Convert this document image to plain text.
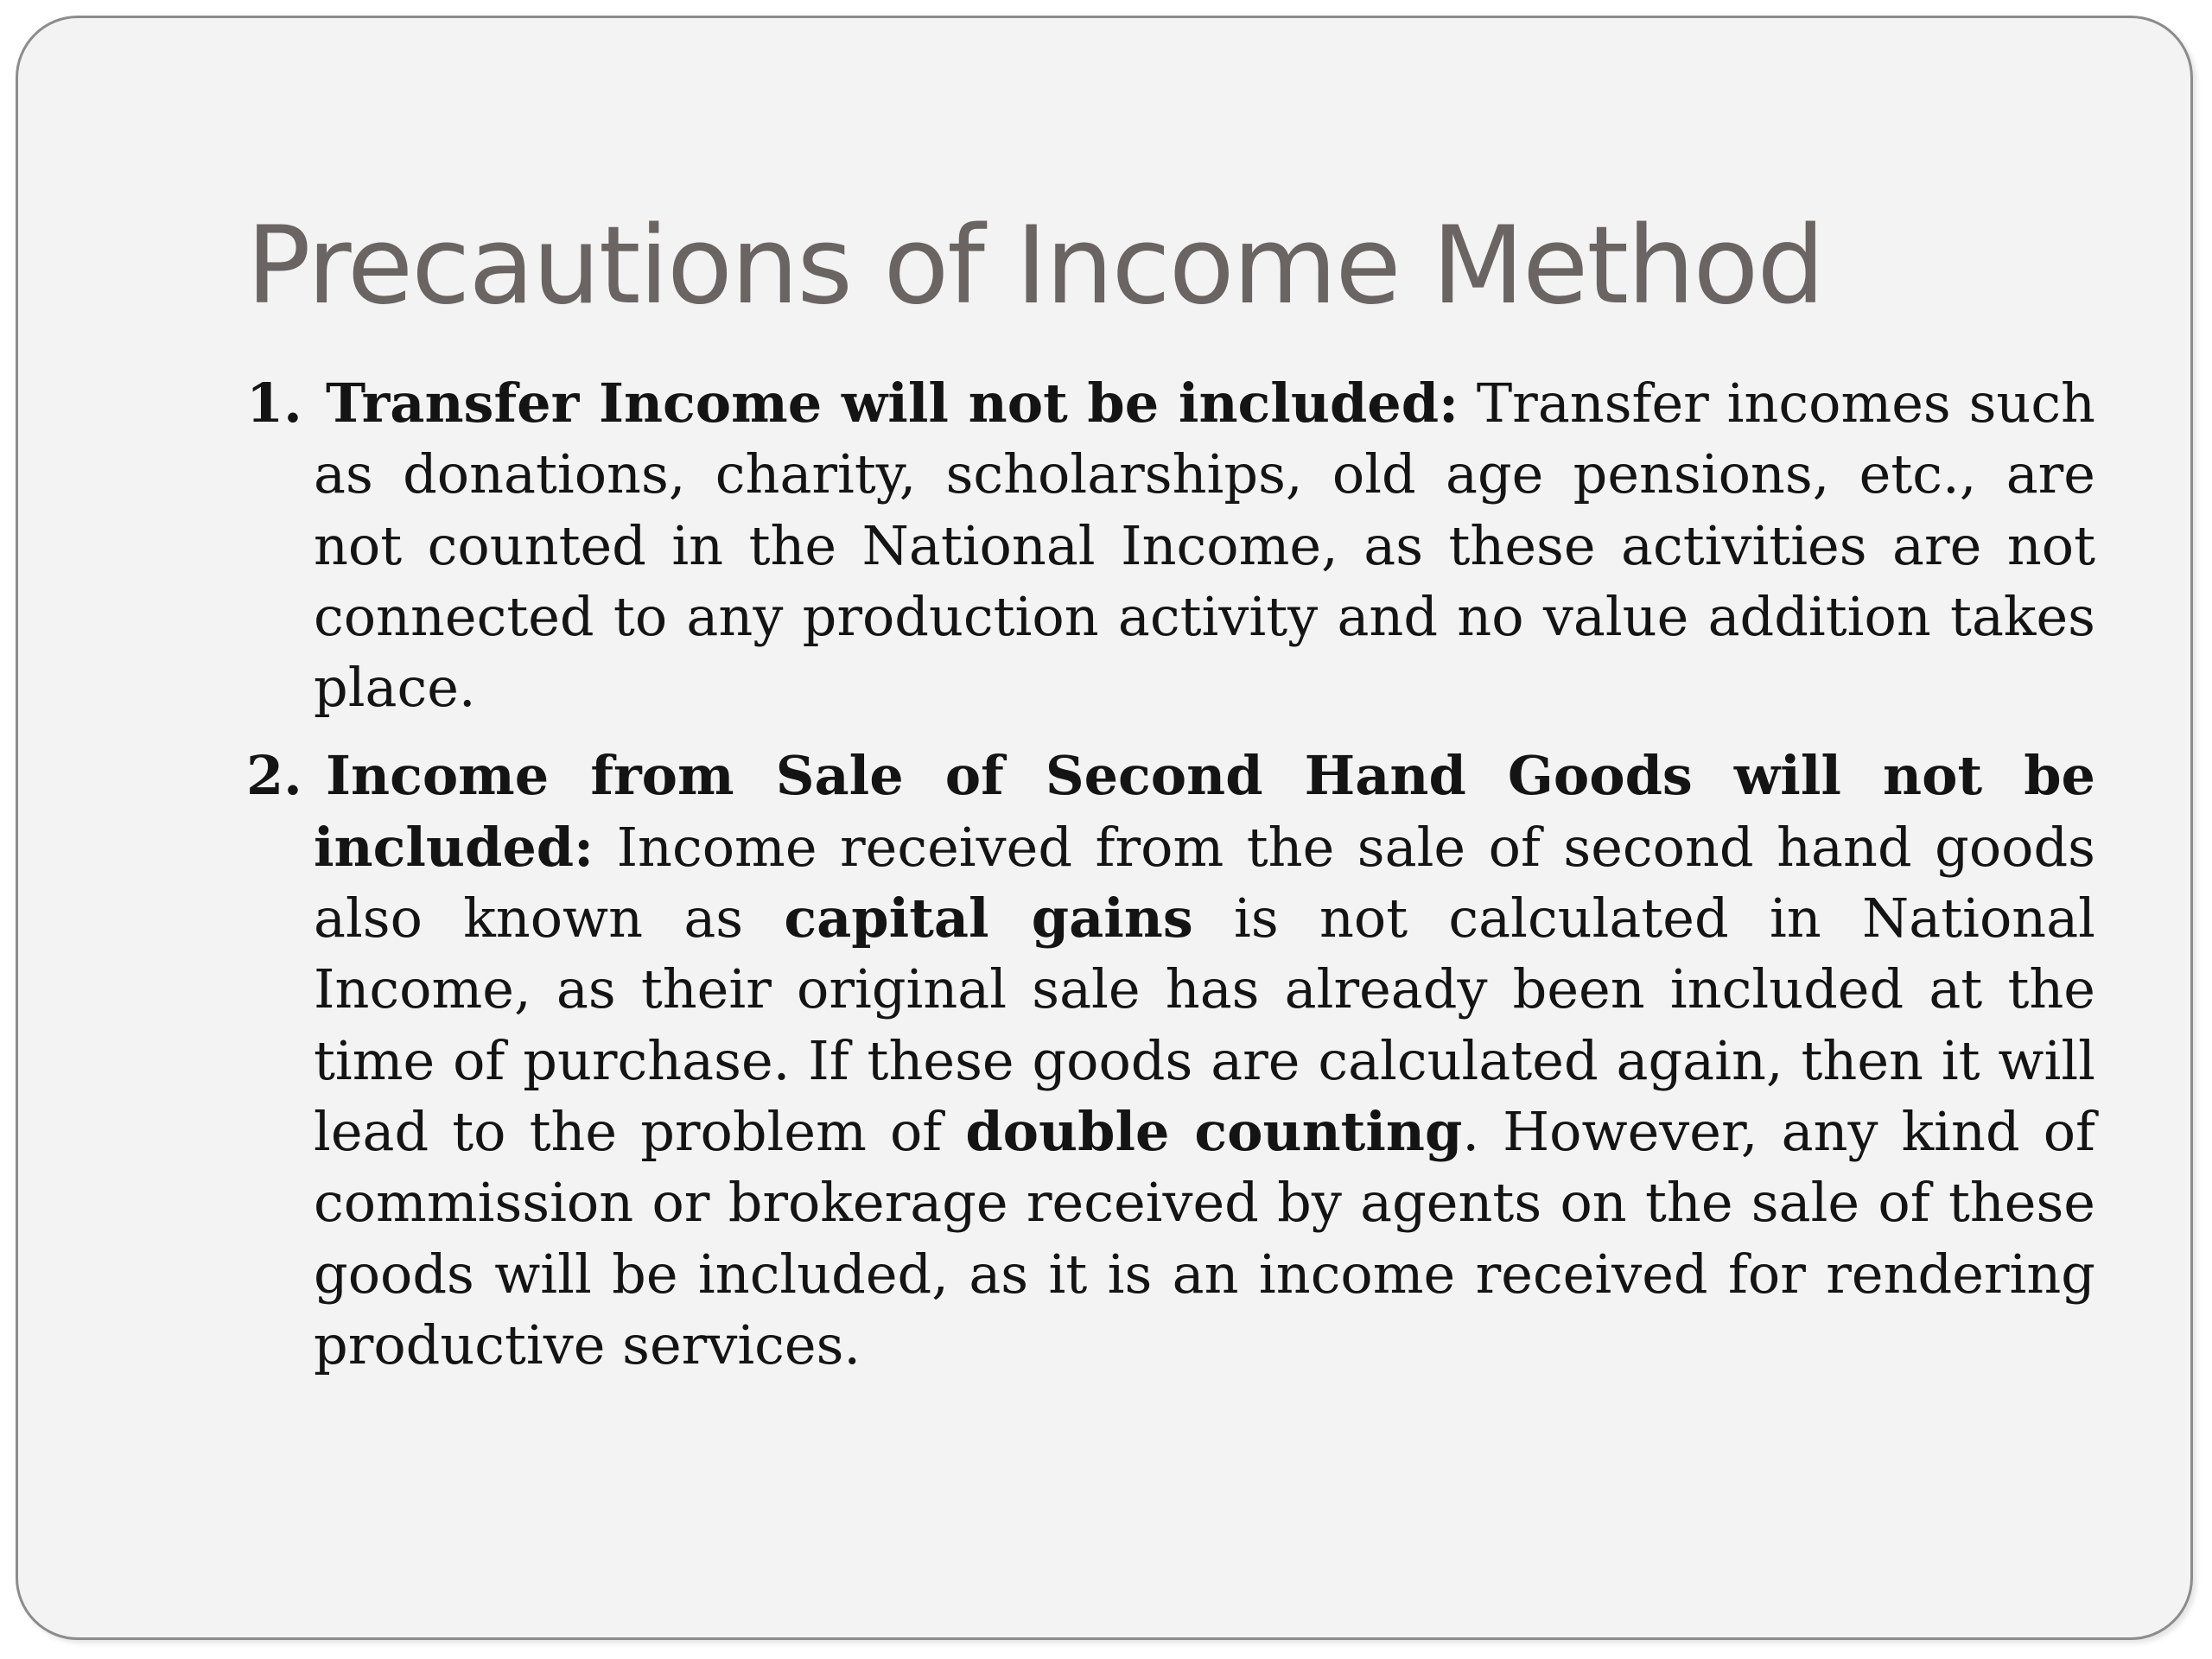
Precautions of Income Method

1. Transfer Income will not be included: Transfer incomes such as donations, charity, scholarships, old age pensions, etc., are not counted in the National Income, as these activities are not connected to any production activity and no value addition takes place.

2. Income from Sale of Second Hand Goods will not be included: Income received from the sale of second hand goods also known as capital gains is not calculated in National Income, as their original sale has already been included at the time of purchase. If these goods are calculated again, then it will lead to the problem of double counting. However, any kind of commission or brokerage received by agents on the sale of these goods will be included, as it is an income received for rendering productive services.
